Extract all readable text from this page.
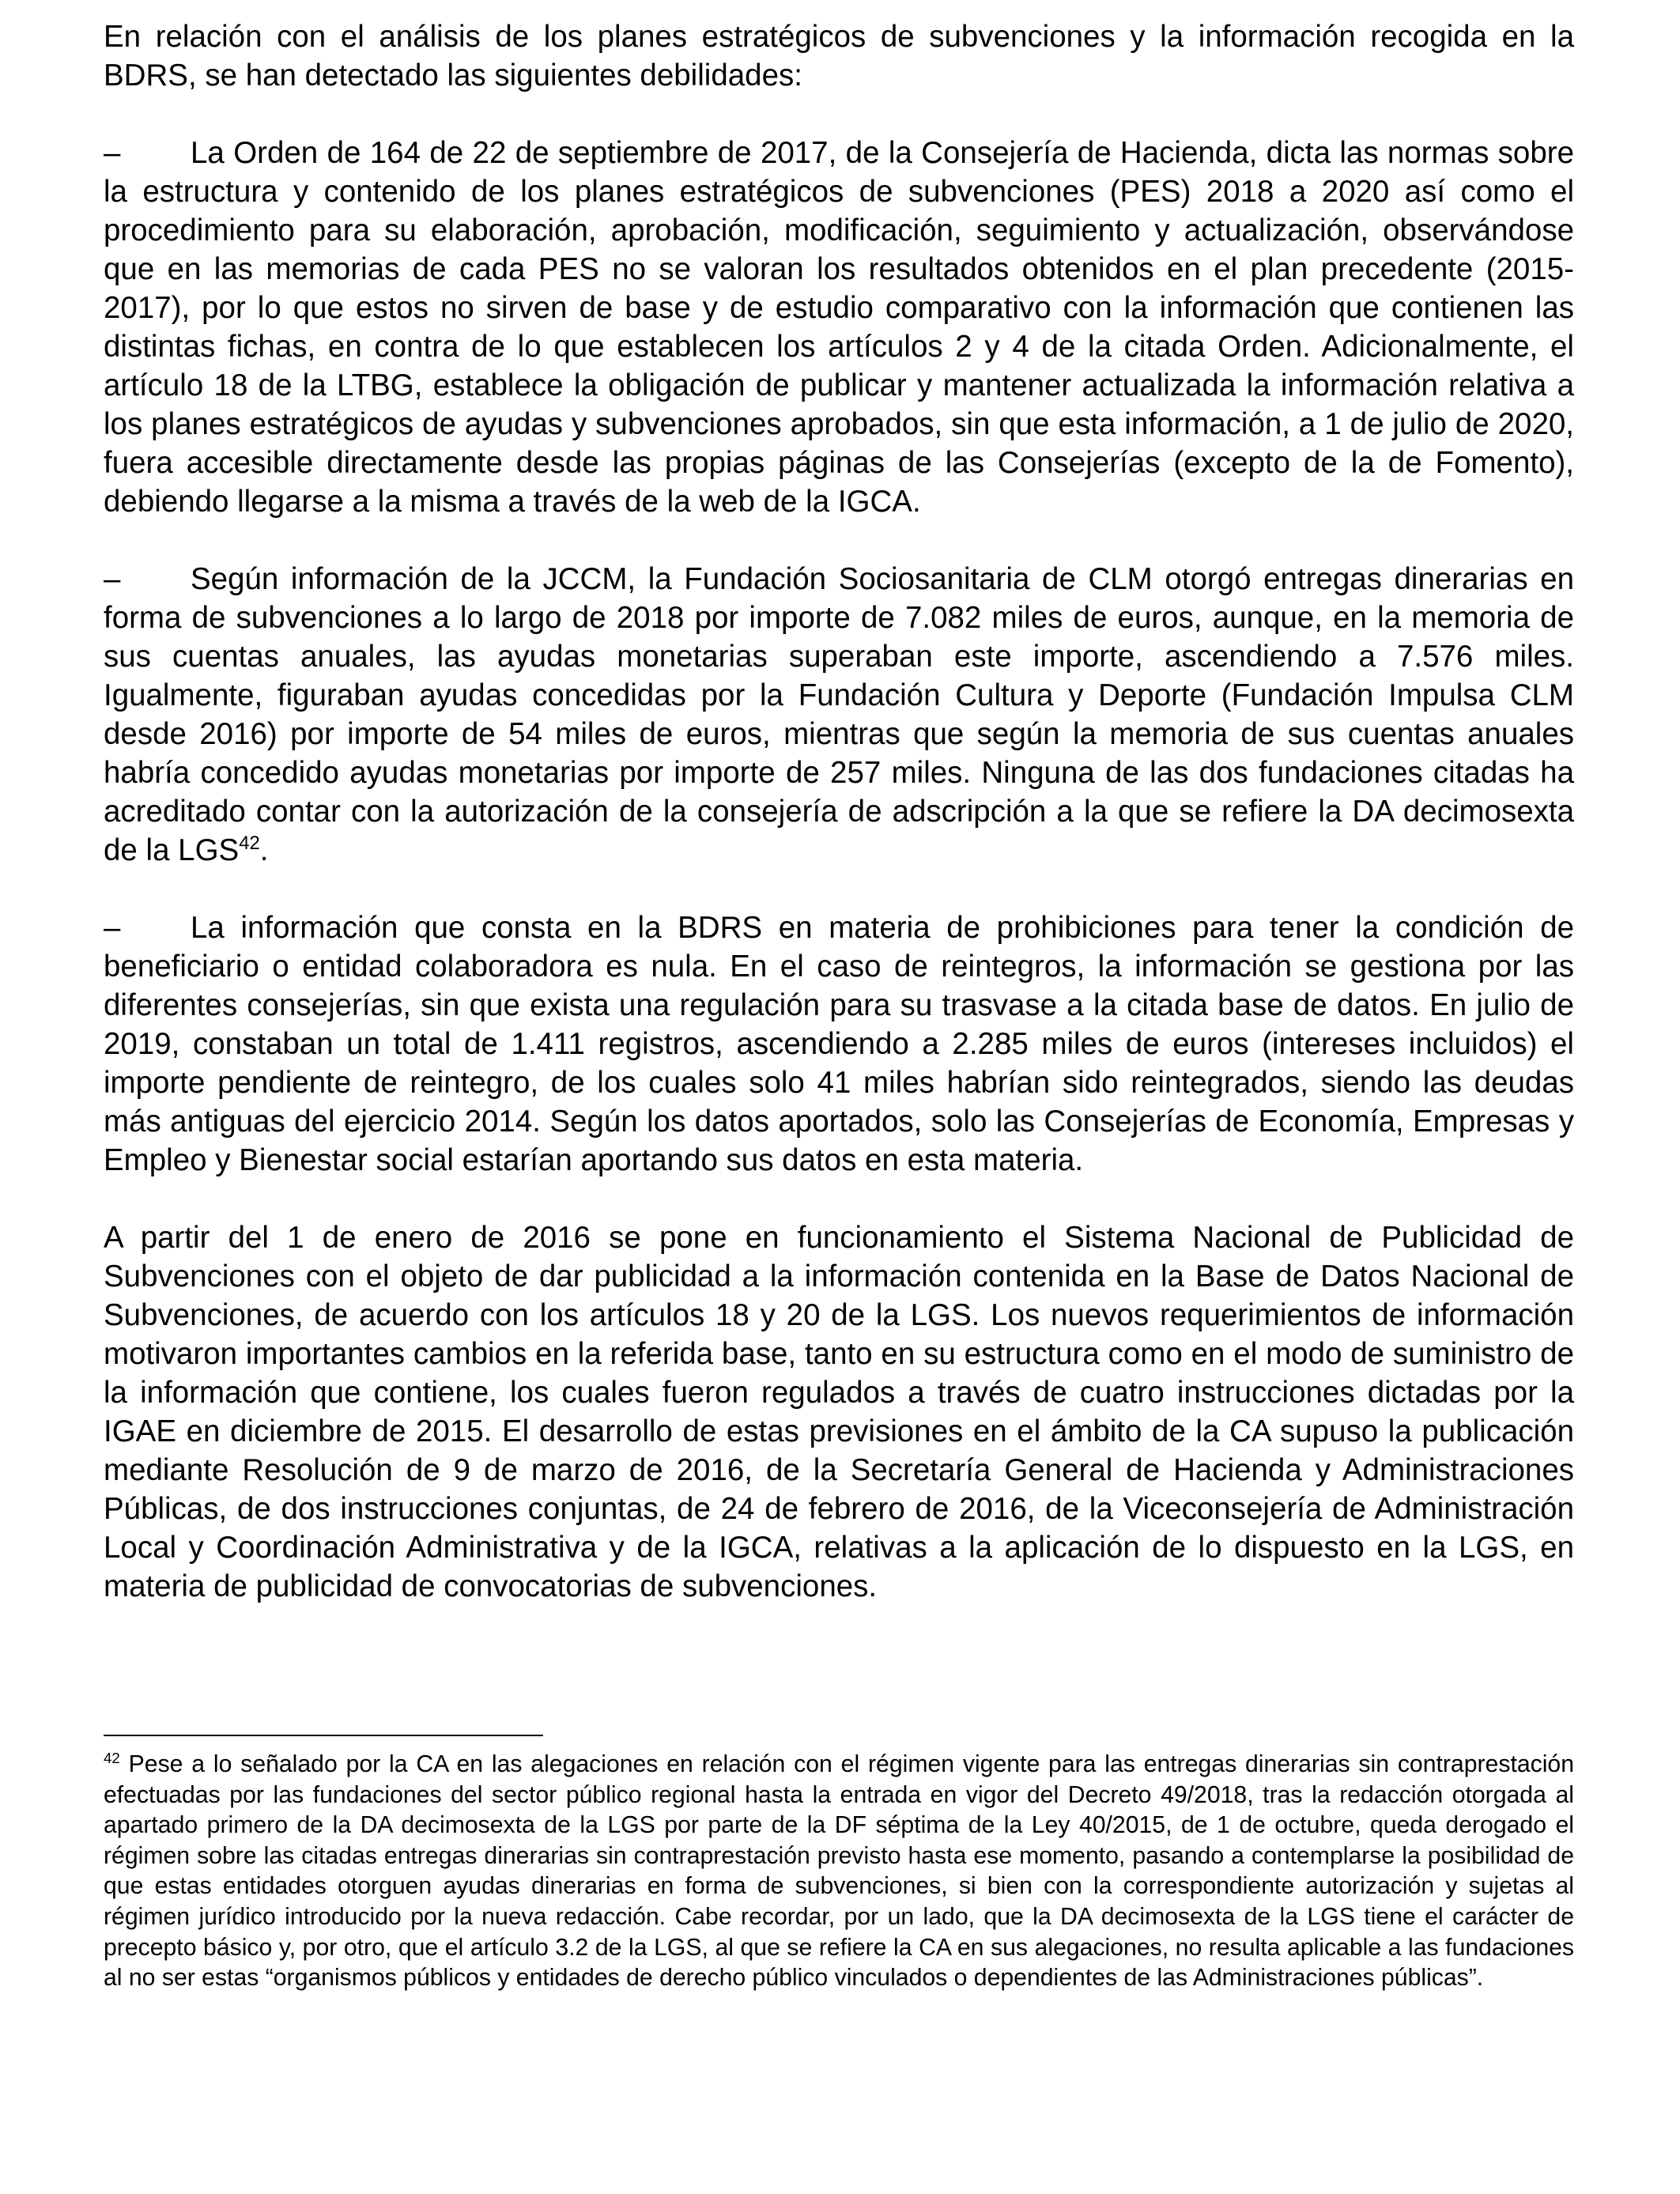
En relación con el análisis de los planes estratégicos de subvenciones y la información recogida en la BDRS, se han detectado las siguientes debilidades:

– La Orden de 164 de 22 de septiembre de 2017, de la Consejería de Hacienda, dicta las normas sobre la estructura y contenido de los planes estratégicos de subvenciones (PES) 2018 a 2020 así como el procedimiento para su elaboración, aprobación, modificación, seguimiento y actualización, observándose que en las memorias de cada PES no se valoran los resultados obtenidos en el plan precedente (2015-2017), por lo que estos no sirven de base y de estudio comparativo con la información que contienen las distintas fichas, en contra de lo que establecen los artículos 2 y 4 de la citada Orden. Adicionalmente, el artículo 18 de la LTBG, establece la obligación de publicar y mantener actualizada la información relativa a los planes estratégicos de ayudas y subvenciones aprobados, sin que esta información, a 1 de julio de 2020, fuera accesible directamente desde las propias páginas de las Consejerías (excepto de la de Fomento), debiendo llegarse a la misma a través de la web de la IGCA.

– Según información de la JCCM, la Fundación Sociosanitaria de CLM otorgó entregas dinerarias en forma de subvenciones a lo largo de 2018 por importe de 7.082 miles de euros, aunque, en la memoria de sus cuentas anuales, las ayudas monetarias superaban este importe, ascendiendo a 7.576 miles. Igualmente, figuraban ayudas concedidas por la Fundación Cultura y Deporte (Fundación Impulsa CLM desde 2016) por importe de 54 miles de euros, mientras que según la memoria de sus cuentas anuales habría concedido ayudas monetarias por importe de 257 miles. Ninguna de las dos fundaciones citadas ha acreditado contar con la autorización de la consejería de adscripción a la que se refiere la DA decimosexta de la LGS$^{42}$.

– La información que consta en la BDRS en materia de prohibiciones para tener la condición de beneficiario o entidad colaboradora es nula. En el caso de reintegros, la información se gestiona por las diferentes consejerías, sin que exista una regulación para su trasvase a la citada base de datos. En julio de 2019, constaban un total de 1.411 registros, ascendiendo a 2.285 miles de euros (intereses incluidos) el importe pendiente de reintegro, de los cuales solo 41 miles habrían sido reintegrados, siendo las deudas más antiguas del ejercicio 2014. Según los datos aportados, solo las Consejerías de Economía, Empresas y Empleo y Bienestar social estarían aportando sus datos en esta materia.

A partir del 1 de enero de 2016 se pone en funcionamiento el Sistema Nacional de Publicidad de Subvenciones con el objeto de dar publicidad a la información contenida en la Base de Datos Nacional de Subvenciones, de acuerdo con los artículos 18 y 20 de la LGS. Los nuevos requerimientos de información motivaron importantes cambios en la referida base, tanto en su estructura como en el modo de suministro de la información que contiene, los cuales fueron regulados a través de cuatro instrucciones dictadas por la IGAE en diciembre de 2015. El desarrollo de estas previsiones en el ámbito de la CA supuso la publicación mediante Resolución de 9 de marzo de 2016, de la Secretaría General de Hacienda y Administraciones Públicas, de dos instrucciones conjuntas, de 24 de febrero de 2016, de la Viceconsejería de Administración Local y Coordinación Administrativa y de la IGCA, relativas a la aplicación de lo dispuesto en la LGS, en materia de publicidad de convocatorias de subvenciones.

$^{42}$ Pese a lo señalado por la CA en las alegaciones en relación con el régimen vigente para las entregas dinerarias sin contraprestación efectuadas por las fundaciones del sector público regional hasta la entrada en vigor del Decreto 49/2018, tras la redacción otorgada al apartado primero de la DA decimosexta de la LGS por parte de la DF séptima de la Ley 40/2015, de 1 de octubre, queda derogado el régimen sobre las citadas entregas dinerarias sin contraprestación previsto hasta ese momento, pasando a contemplarse la posibilidad de que estas entidades otorguen ayudas dinerarias en forma de subvenciones, si bien con la correspondiente autorización y sujetas al régimen jurídico introducido por la nueva redacción. Cabe recordar, por un lado, que la DA decimosexta de la LGS tiene el carácter de precepto básico y, por otro, que el artículo 3.2 de la LGS, al que se refiere la CA en sus alegaciones, no resulta aplicable a las fundaciones al no ser estas “organismos públicos y entidades de derecho público vinculados o dependientes de las Administraciones públicas”.
